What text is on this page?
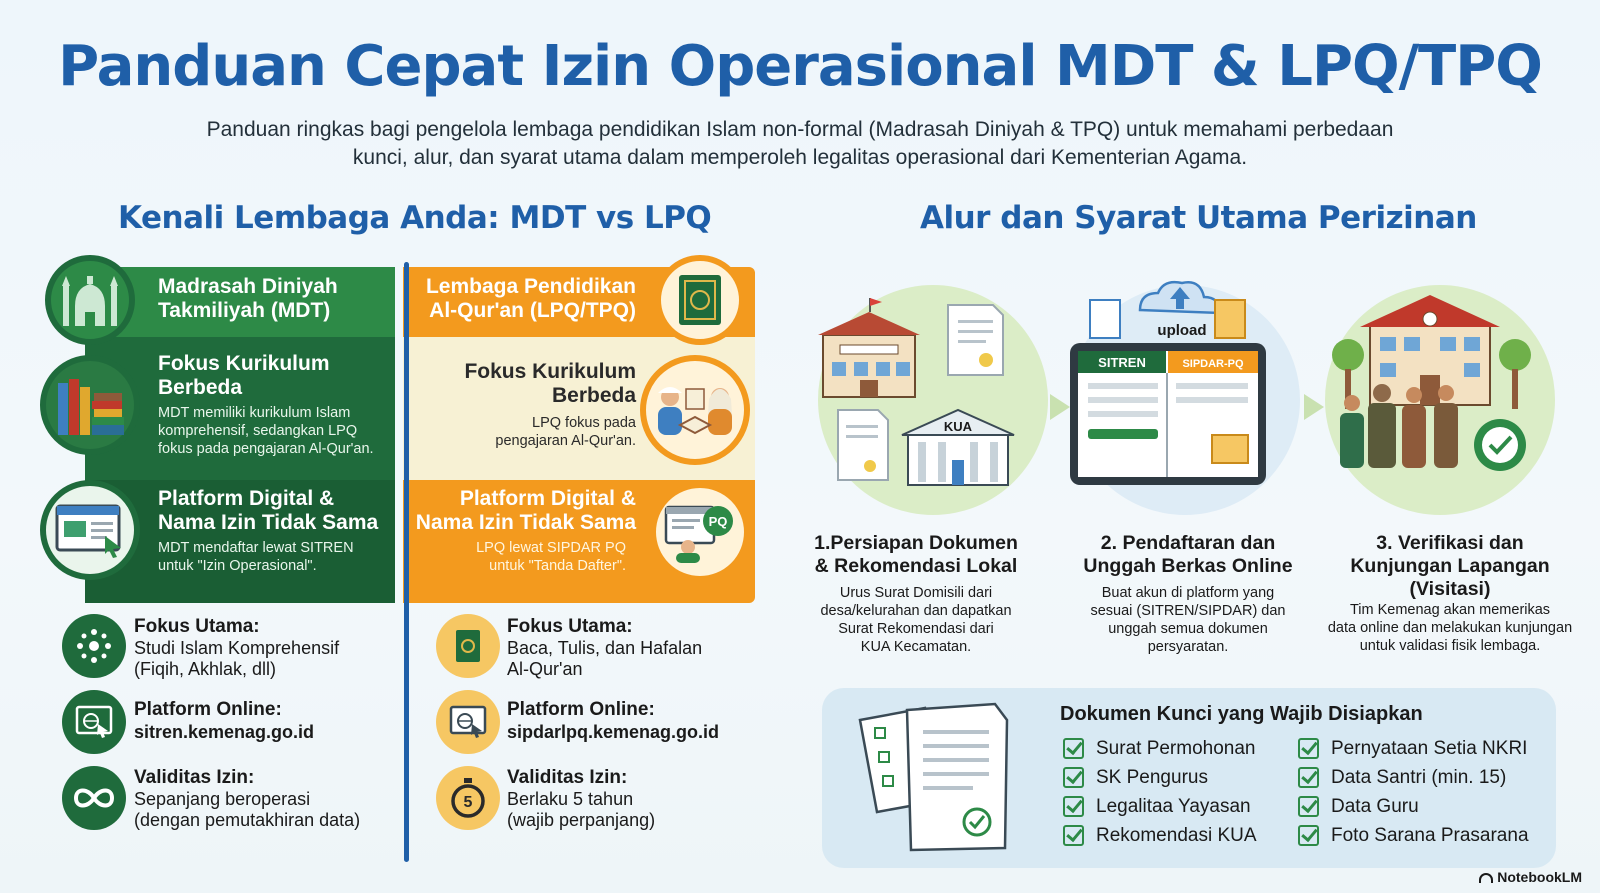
Panduan Cepat Izin Operasional MDT & LPQ/TPQ
Panduan ringkas bagi pengelola lembaga pendidikan Islam non-formal (Madrasah Diniyah & TPQ) untuk memahami perbedaan
kunci, alur, dan syarat utama dalam memperoleh legalitas operasional dari Kementerian Agama.
Kenali Lembaga Anda: MDT vs LPQ
Madrasah Diniyah
Takmiliyah (MDT)
Fokus Kurikulum
Berbeda
MDT memiliki kurikulum Islam
komprehensif, sedangkan LPQ
fokus pada pengajaran Al-Qur'an.
Platform Digital &
Nama Izin Tidak Sama
MDT mendaftar lewat SITREN
untuk "Izin Operasional".
PQ
Lembaga Pendidikan
Al-Qur'an (LPQ/TPQ)
Fokus Kurikulum
Berbeda
LPQ fokus pada
pengajaran Al-Qur'an.
Platform Digital &
Nama Izin Tidak Sama
LPQ lewat SIPDAR PQ
untuk "Tanda Dafter".
Fokus Utama:
Studi Islam Komprehensif
(Fiqih, Akhlak, dll)
Platform Online:
sitren.kemenag.go.id
Validitas Izin:
Sepanjang beroperasi
(dengan pemutakhiran data)
Fokus Utama:
Baca, Tulis, dan Hafalan
Al-Qur'an
Platform Online:
sipdarlpq.kemenag.go.id
5
Validitas Izin:
Berlaku 5 tahun
(wajib perpanjang)
Alur dan Syarat Utama Perizinan
KUA
upload
SITREN	SIPDAR-PQ
1.Persiapan Dokumen
& Rekomendasi Lokal
Urus Surat Domisili dari
desa/kelurahan dan dapatkan
Surat Rekomendasi dari
KUA Kecamatan.
2. Pendaftaran dan
Unggah Berkas Online
Buat akun di platform yang
sesuai (SITREN/SIPDAR) dan
unggah semua dokumen
persyaratan.
3. Verifikasi dan
Kunjungan Lapangan
(Visitasi)
Tim Kemenag akan memerikas
data online dan melakukan kunjungan
untuk validasi fisik lembaga.
Dokumen Kunci yang Wajib Disiapkan
Surat Permohonan
SK Pengurus
Legalitaa Yayasan
Rekomendasi KUA
Pernyataan Setia NKRI
Data Santri (min. 15)
Data Guru
Foto Sarana Prasarana
NotebookLM
